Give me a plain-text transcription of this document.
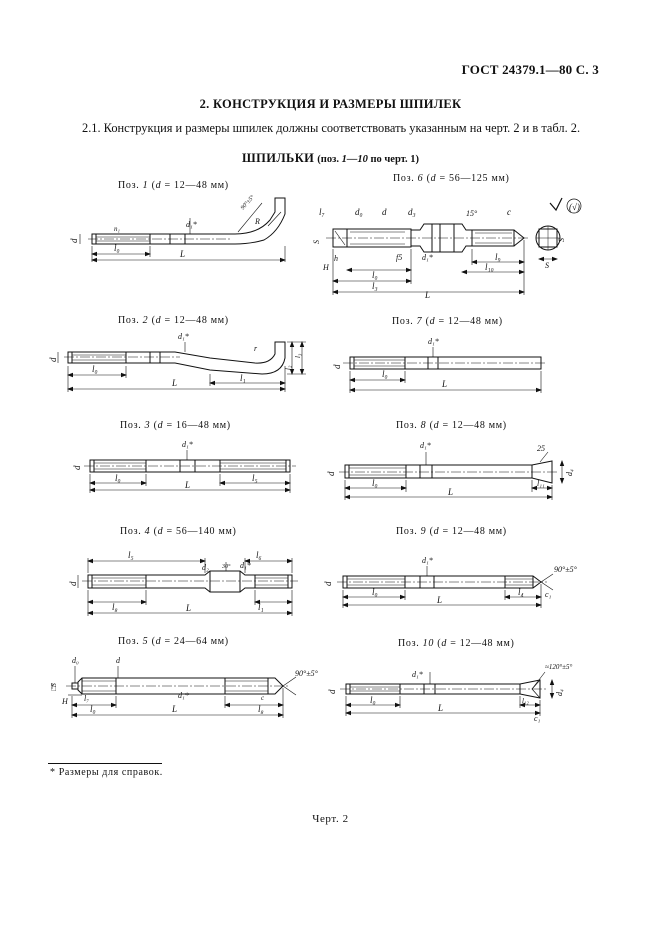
ГОСТ 24379.1—80 С. 3
2. КОНСТРУКЦИЯ И РАЗМЕРЫ ШПИЛЕК
2.1. Конструкция и размеры шпилек должны соответствовать указанным на черт. 2 и в табл. 2.
ШПИЛЬКИ (поз. 1—10 по черт. 1)
Поз. 1 (d = 12—48 мм)
Поз. 6 (d = 56—125 мм)
Поз. 2 (d = 12—48 мм)	Поз. 7 (d = 12—48 мм)
Поз. 3 (d = 16—48 мм)	Поз. 8 (d = 12—48 мм)
Поз. 4 (d = 56—140 мм)	Поз. 9 (d = 12—48 мм)
Поз. 5 (d = 24—64 мм)	Поз. 10 (d = 12—48 мм)
d
l₀
L
n₁	d₁*	R
90°±5°
l₇	d₀ d d₃	15°	c
S
h
H
l₀
f5 d₁*
l₃
L
l₉
l₁₀	S
S
(√)
d
l₀
L	l₁
d₁*
r
l₂
l₃
d
l₀
L
d₁*
d
l₀
L
l₅
d₁*
d
l₀
L
l₁₁
d₄
25
d₁*
d
l₅	l₆
l₈	L	l₁
d₂ 30° d₁*
d
l₀
L
l₄	c₁
90°±5°
d₁*
d₀	d
□S
l₇
H
l₀	L
d₁*	c
l₈
90°±5°
d
l₀
L
l₁₂
c₁
d₄
≈120°±5°
d₁*
* Размеры для справок.
Черт. 2
